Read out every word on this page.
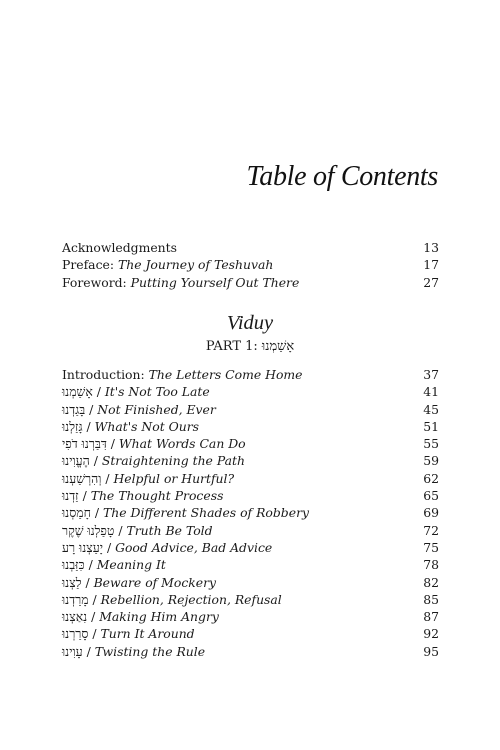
Table of Contents
Acknowledgments	13
Preface: The Journey of Teshuvah	17
Foreword: Putting Yourself Out There	27
Viduy
PART 1: אָשַׁמְנוּ
Introduction: The Letters Come Home	37
אָשַׁמְנוּ / It's Not Too Late	41
בָּגַדְנוּ / Not Finished, Ever	45
גָּזַלְנוּ / What's Not Ours	51
דִּבַּרְנוּ דֹפִי / What Words Can Do	55
הֶעֱוִינוּ / Straightening the Path	59
וְהִרְשַׁעְנוּ / Helpful or Hurtful?	62
זַדְנוּ / The Thought Process	65
חָמַסְנוּ / The Different Shades of Robbery	69
טָפַלְנוּ שֶׁקֶר / Truth Be Told	72
יָעַצְנוּ רָע / Good Advice, Bad Advice	75
כִּזַּבְנוּ / Meaning It	78
לַצְנוּ / Beware of Mockery	82
מָרַדְנוּ / Rebellion, Rejection, Refusal	85
נִאַצְנוּ / Making Him Angry	87
סָרַרְנוּ / Turn It Around	92
עָוִינוּ / Twisting the Rule	95
